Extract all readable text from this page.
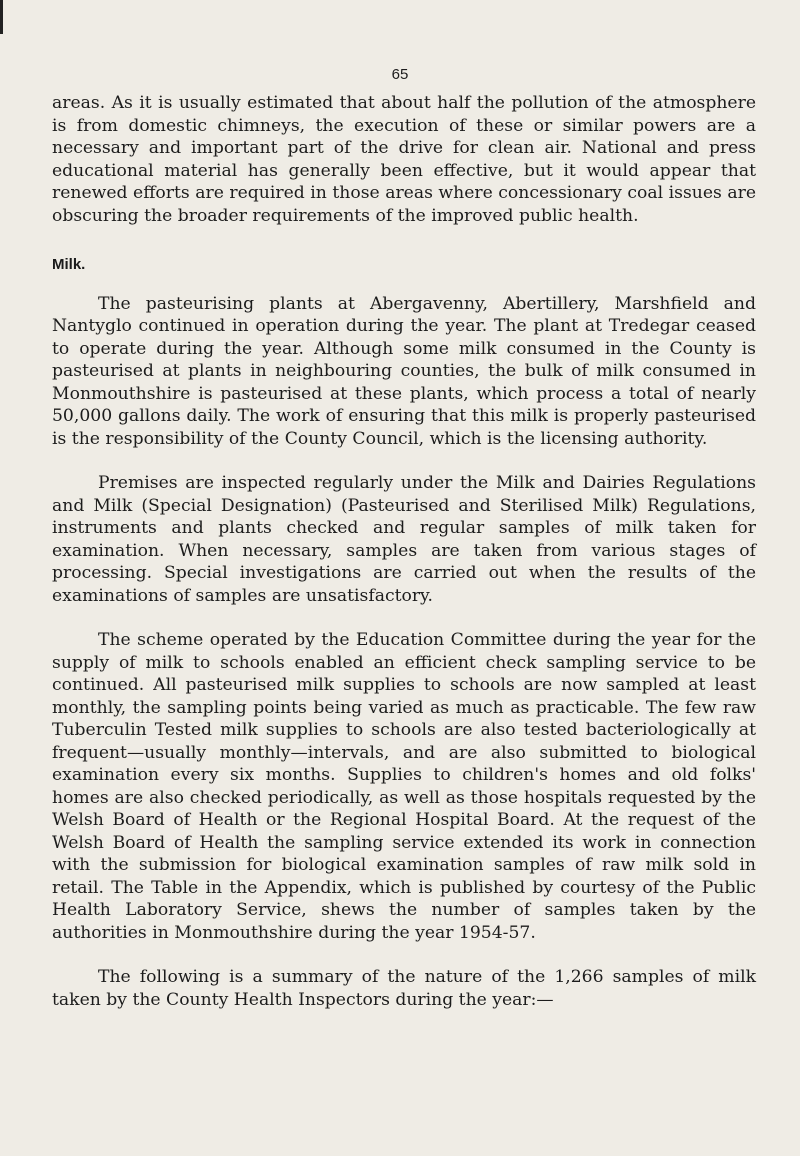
65

areas. As it is usually estimated that about half the pollution of the atmosphere is from domestic chimneys, the execution of these or similar powers are a necessary and important part of the drive for clean air. National and press educational material has generally been effective, but it would appear that renewed efforts are required in those areas where concessionary coal issues are obscuring the broader requirements of the improved public health.

Milk.

The pasteurising plants at Abergavenny, Abertillery, Marshfield and Nantyglo continued in operation during the year. The plant at Tredegar ceased to operate during the year. Although some milk consumed in the County is pasteurised at plants in neighbouring counties, the bulk of milk consumed in Monmouthshire is pasteurised at these plants, which process a total of nearly 50,000 gallons daily. The work of ensuring that this milk is properly pasteurised is the responsibility of the County Council, which is the licensing authority.

Premises are inspected regularly under the Milk and Dairies Regulations and Milk (Special Designation) (Pasteurised and Sterilised Milk) Regulations, instruments and plants checked and regular samples of milk taken for examination. When necessary, samples are taken from various stages of processing. Special investigations are carried out when the results of the examinations of samples are unsatisfactory.

The scheme operated by the Education Committee during the year for the supply of milk to schools enabled an efficient check sampling service to be continued. All pasteurised milk supplies to schools are now sampled at least monthly, the sampling points being varied as much as practicable. The few raw Tuberculin Tested milk supplies to schools are also tested bacteriologically at frequent—usually monthly—intervals, and are also submitted to biological examination every six months. Supplies to children's homes and old folks' homes are also checked periodically, as well as those hospitals requested by the Welsh Board of Health or the Regional Hospital Board. At the request of the Welsh Board of Health the sampling service extended its work in connection with the submission for biological examination samples of raw milk sold in retail. The Table in the Appendix, which is published by courtesy of the Public Health Laboratory Service, shews the number of samples taken by the authorities in Monmouthshire during the year 1954-57.

The following is a summary of the nature of the 1,266 samples of milk taken by the County Health Inspectors during the year:—
